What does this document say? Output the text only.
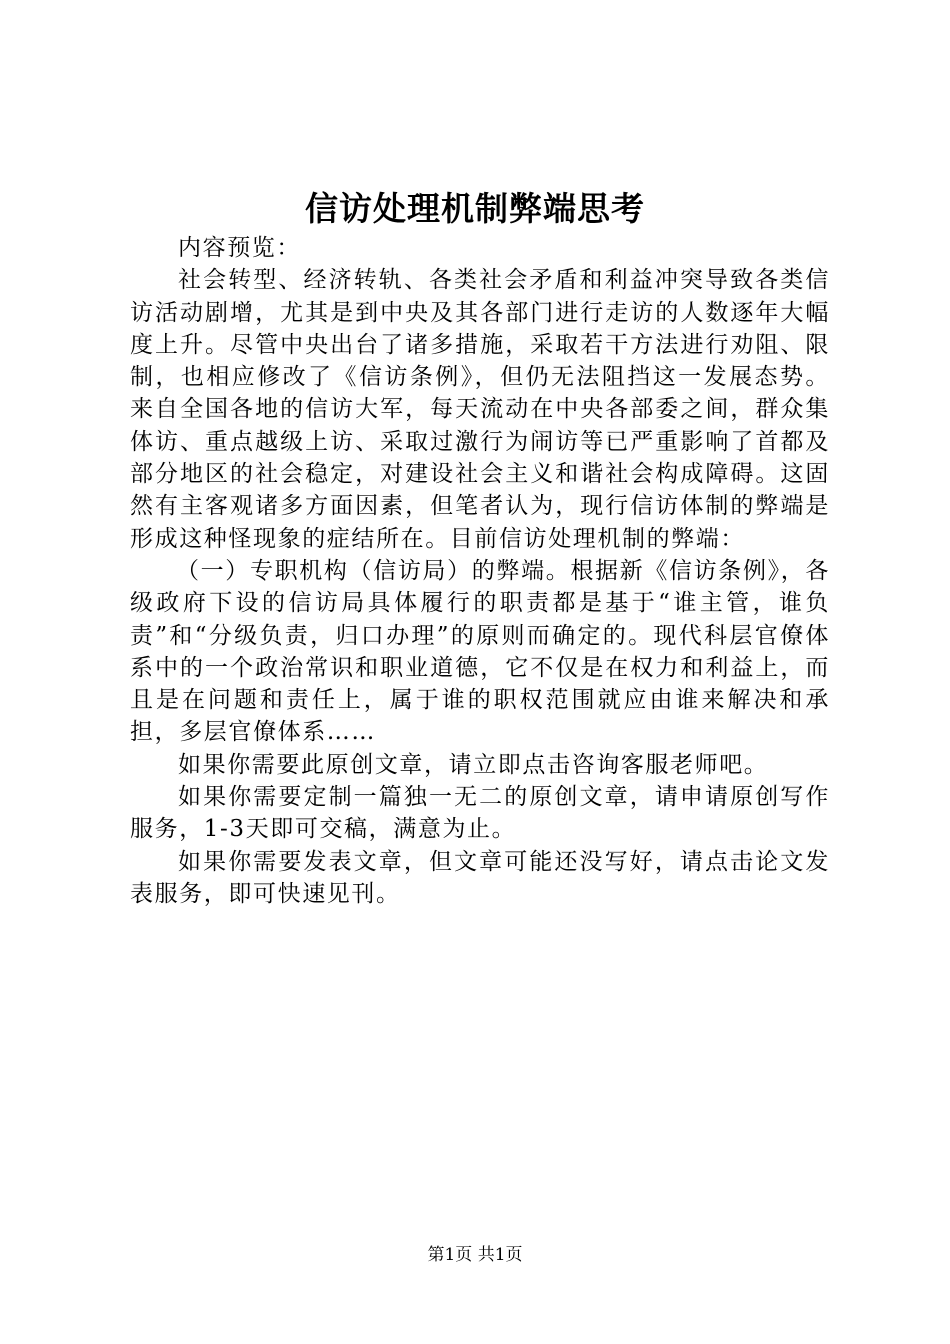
信访处理机制弊端思考

内容预览：

社会转型、经济转轨、各类社会矛盾和利益冲突导致各类信访活动剧增，尤其是到中央及其各部门进行走访的人数逐年大幅度上升。尽管中央出台了诸多措施，采取若干方法进行劝阻、限制，也相应修改了《信访条例》，但仍无法阻挡这一发展态势。来自全国各地的信访大军，每天流动在中央各部委之间，群众集体访、重点越级上访、采取过激行为闹访等已严重影响了首都及部分地区的社会稳定，对建设社会主义和谐社会构成障碍。这固然有主客观诸多方面因素，但笔者认为，现行信访体制的弊端是形成这种怪现象的症结所在。目前信访处理机制的弊端：

（一）专职机构（信访局）的弊端。根据新《信访条例》，各级政府下设的信访局具体履行的职责都是基于“谁主管，谁负责”和“分级负责，归口办理”的原则而确定的。现代科层官僚体系中的一个政治常识和职业道德，它不仅是在权力和利益上，而且是在问题和责任上，属于谁的职权范围就应由谁来解决和承担，多层官僚体系……

如果你需要此原创文章，请立即点击咨询客服老师吧。

如果你需要定制一篇独一无二的原创文章，请申请原创写作服务，1-3天即可交稿，满意为止。

如果你需要发表文章，但文章可能还没写好，请点击论文发表服务，即可快速见刊。

第1页 共1页
